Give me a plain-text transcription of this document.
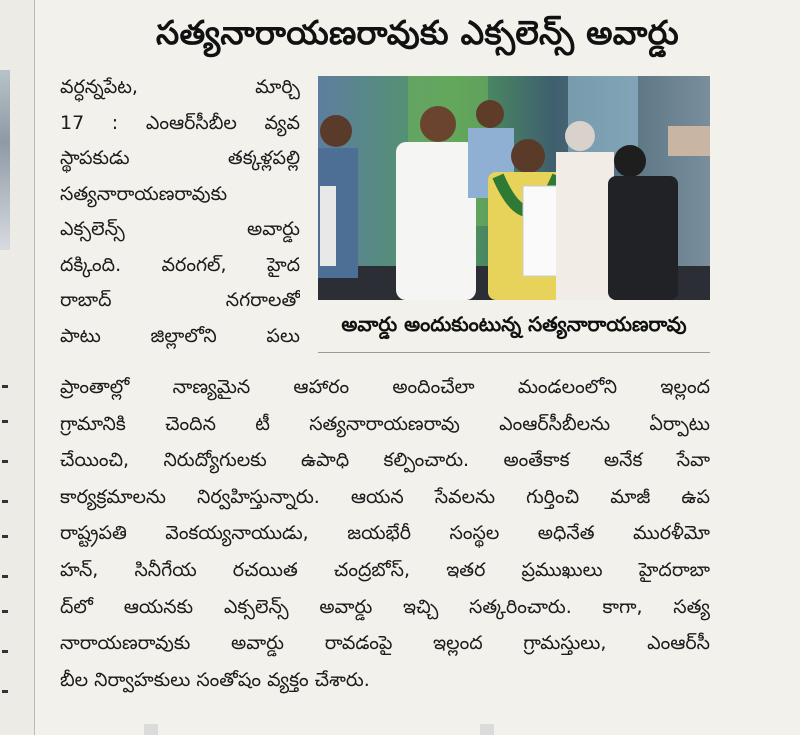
సత్యనారాయణరావుకు ఎక్సలెన్స్ అవార్డు
వర్ధన్నపేట, మార్చి
17 : ఎంఆర్‌సీబీల వ్యవ
స్థాపకుడు తక్కళ్లపల్లి
సత్యనారాయణరావుకు
ఎక్సలెన్స్ అవార్డు
దక్కింది. వరంగల్, హైద
రాబాద్ నగరాలతో
పాటు జిల్లాలోని పలు	అవార్డు అందుకుంటున్న సత్యనారాయణరావు
ప్రాంతాల్లో నాణ్యమైన ఆహారం అందించేలా మండలంలోని ఇల్లంద
గ్రామానికి చెందిన టీ సత్యనారాయణరావు ఎంఆర్‌సీబీలను ఏర్పాటు
చేయించి, నిరుద్యోగులకు ఉపాధి కల్పించారు. అంతేకాక అనేక సేవా
కార్యక్రమాలను నిర్వహిస్తున్నారు. ఆయన సేవలను గుర్తించి మాజీ ఉప
రాష్ట్రపతి వెంకయ్యనాయుడు, జయభేరీ సంస్థల అధినేత మురళీమో
హన్, సినీగేయ రచయిత చంద్రబోస్, ఇతర ప్రముఖులు హైదరాబా
ద్‌లో ఆయనకు ఎక్సలెన్స్ అవార్డు ఇచ్చి సత్కరించారు. కాగా, సత్య
నారాయణరావుకు అవార్డు రావడంపై ఇల్లంద గ్రామస్తులు, ఎంఆర్‌సీ
బీల నిర్వాహకులు సంతోషం వ్యక్తం చేశారు.
